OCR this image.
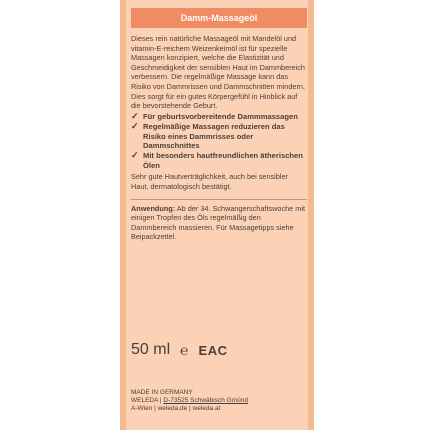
Damm-Massageöl

Dieses rein natürliche Massageöl mit Mandelöl und vitamin-E-reichem Weizenkeimöl ist für spezielle Massagen konzipiert, welche die Elastizität und Geschmeidigkeit der sensiblen Haut im Dammbereich verbessern. Die regelmäßige Massage kann das Risiko von Dammrissen und Dammschnitten mindern. Dies sorgt für ein gutes Körpergefühl in Hinblick auf die bevorstehende Geburt.

✓ Für geburtsvorbereitende Dammmassagen
✓ Regelmäßige Massagen reduzieren das Risiko eines Dammrisses oder Dammschnittes
✓ Mit besonders hautfreundlichen ätherischen Ölen

Sehr gute Hautverträglichkeit, auch bei sensibler Haut, dermatologisch bestätigt.

Anwendung: Ab der 34. Schwangerschaftswoche mit einigen Tropfen des Öls regelmäßig den Dammbereich massieren. Für Massagetipps siehe Beipackzettel.

50 ml ℮ EAC
MADE IN GERMANY
WELEDA | D-73525 Schwäbisch Gmünd
A-Wien | weleda.de | weleda.at
